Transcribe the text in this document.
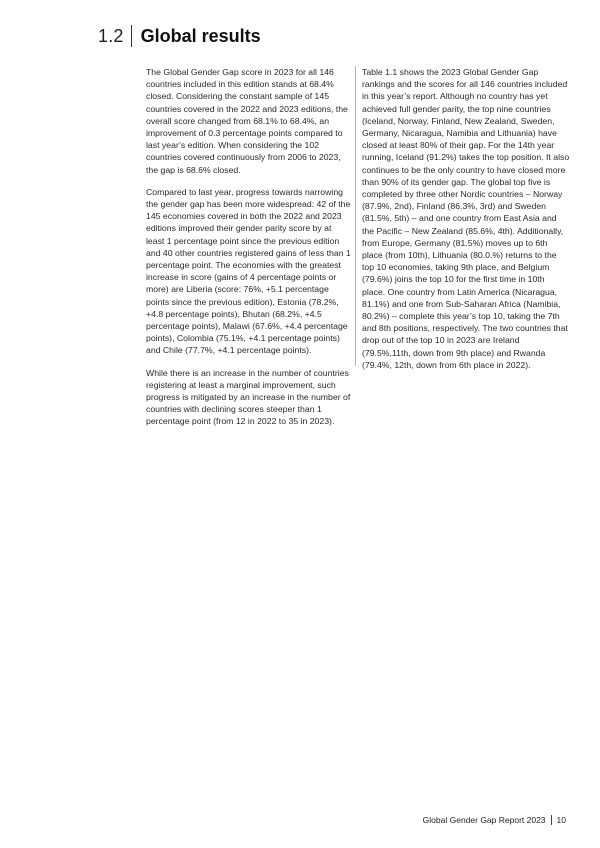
1.2 Global results

The Global Gender Gap score in 2023 for all 146 countries included in this edition stands at 68.4% closed. Considering the constant sample of 145 countries covered in the 2022 and 2023 editions, the overall score changed from 68.1% to 68.4%, an improvement of 0.3 percentage points compared to last year’s edition. When considering the 102 countries covered continuously from 2006 to 2023, the gap is 68.6% closed.

Compared to last year, progress towards narrowing the gender gap has been more widespread: 42 of the 145 economies covered in both the 2022 and 2023 editions improved their gender parity score by at least 1 percentage point since the previous edition and 40 other countries registered gains of less than 1 percentage point. The economies with the greatest increase in score (gains of 4 percentage points or more) are Liberia (score: 76%, +5.1 percentage points since the previous edition), Estonia (78.2%, +4.8 percentage points), Bhutan (68.2%, +4.5 percentage points), Malawi (67.6%, +4.4 percentage points), Colombia (75.1%, +4.1 percentage points) and Chile (77.7%, +4.1 percentage points).

While there is an increase in the number of countries registering at least a marginal improvement, such progress is mitigated by an increase in the number of countries with declining scores steeper than 1 percentage point (from 12 in 2022 to 35 in 2023).

Table 1.1 shows the 2023 Global Gender Gap rankings and the scores for all 146 countries included in this year’s report. Although no country has yet achieved full gender parity, the top nine countries (Iceland, Norway, Finland, New Zealand, Sweden, Germany, Nicaragua, Namibia and Lithuania) have closed at least 80% of their gap. For the 14th year running, Iceland (91.2%) takes the top position. It also continues to be the only country to have closed more than 90% of its gender gap. The global top five is completed by three other Nordic countries – Norway (87.9%, 2nd), Finland (86.3%, 3rd) and Sweden (81.5%, 5th) – and one country from East Asia and the Pacific – New Zealand (85.6%, 4th). Additionally, from Europe, Germany (81.5%) moves up to 6th place (from 10th), Lithuania (80.0.%) returns to the top 10 economies, taking 9th place, and Belgium (79.6%) joins the top 10 for the first time in 10th place. One country from Latin America (Nicaragua, 81.1%) and one from Sub-Saharan Africa (Namibia, 80.2%) – complete this year’s top 10, taking the 7th and 8th positions, respectively. The two countries that drop out of the top 10 in 2023 are Ireland (79.5%,11th, down from 9th place) and Rwanda (79.4%, 12th, down from 6th place in 2022).

Global Gender Gap Report 2023 10
